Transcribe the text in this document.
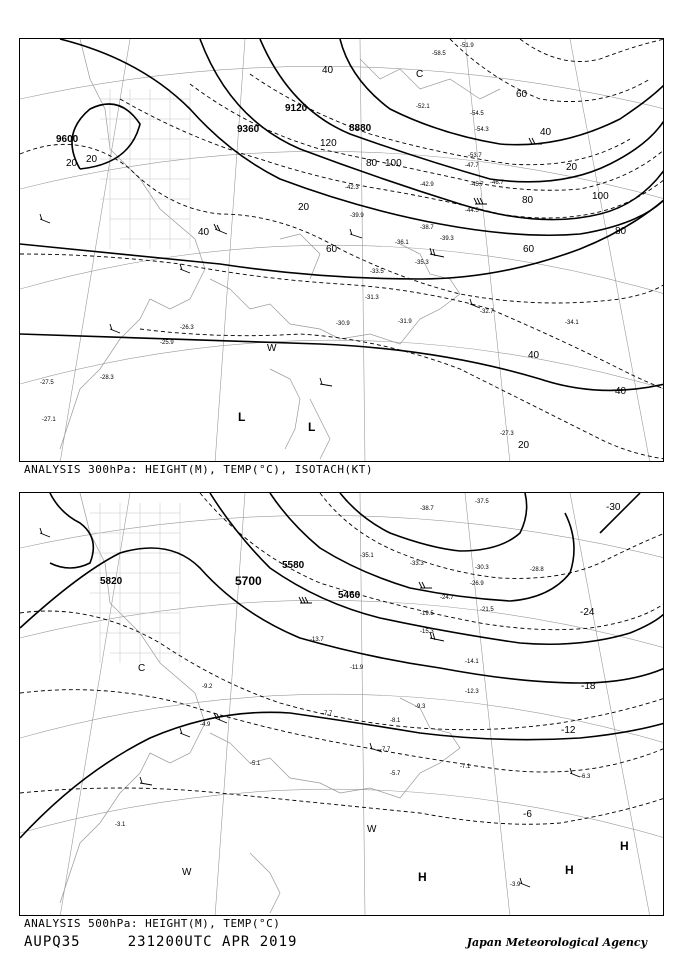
9600
9360
9120
8880
20 20
40
60
80 100
120
20
40
60
80	100
80
60
40
20
40
20
40
-28.3
-30.9	-31.9
-32.7
-31.3
-33.5
-35.3
-36.1
-38.7
-39.3
-34.1
-27.3
-27.5
-26.3
-25.9
-27.1
-42.9	-45.7 -46.7
-47.7
-44.5
-54.5
-54.3
-53.7
-58.5
-51.9
-52.1
-39.9
-42.3
L
L
W
C
ANALYSIS 300hPa: HEIGHT(M), TEMP(°C), ISOTACH(KT)
5820	5700
5580
5460
-30
-24
-18
-12
-6
-7.1
-6.3
-5.7
-7.7
-8.1
-9.3
-12.3
-14.1
-11.9
-13.7
-15.3
-19.5
-21.5
-24.7
-26.9
-28.8
-30.3
-33.3
-35.1
-37.5
-38.7
-3.9
-5.1
-4.9
-3.1
-9.2
-7.7
C
H	H
H
W
W
ANALYSIS 500hPa: HEIGHT(M), TEMP(°C)
AUPQ35	231200UTC APR 2019	Japan Meteorological Agency
